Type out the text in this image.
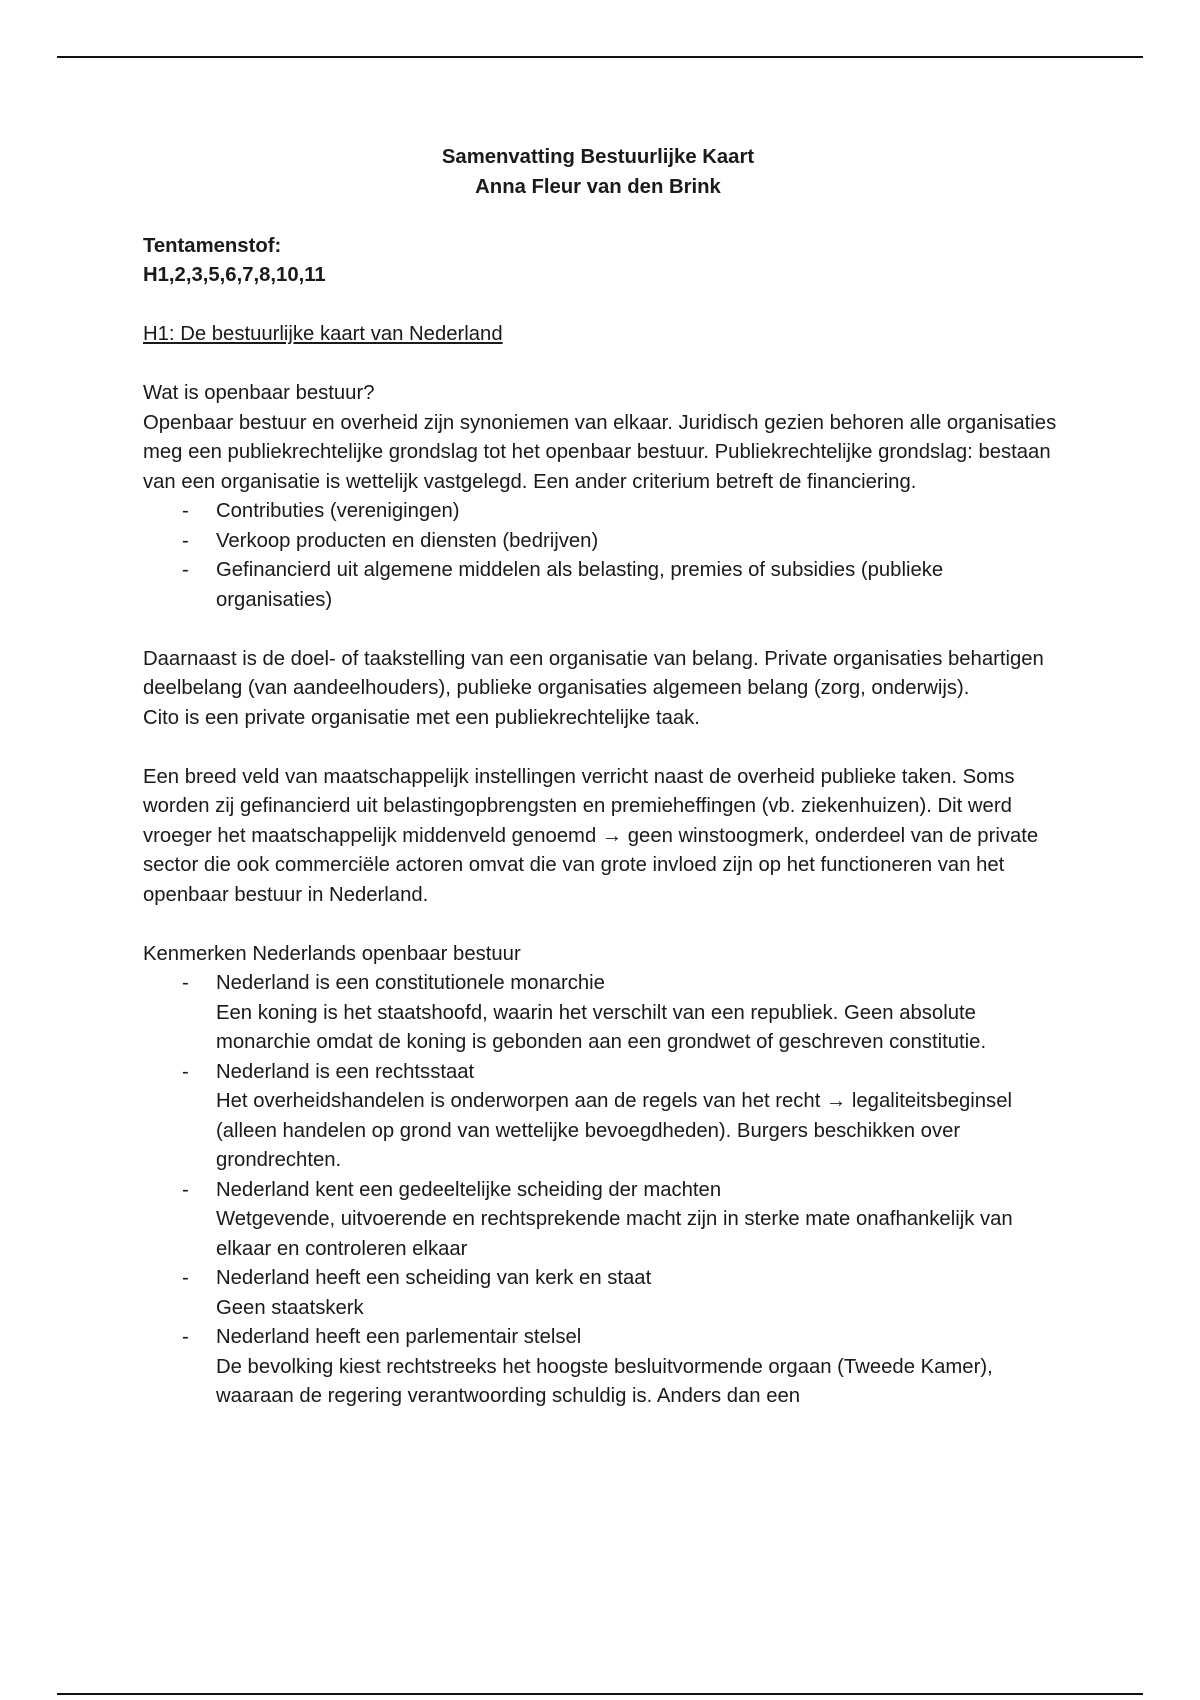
Samenvatting Bestuurlijke Kaart
Anna Fleur van den Brink
Tentamenstof:
H1,2,3,5,6,7,8,10,11
H1: De bestuurlijke kaart van Nederland
Wat is openbaar bestuur?

Openbaar bestuur en overheid zijn synoniemen van elkaar. Juridisch gezien behoren alle organisaties meg een publiekrechtelijke grondslag tot het openbaar bestuur. Publiekrechtelijke grondslag: bestaan van een organisatie is wettelijk vastgelegd. Een ander criterium betreft de financiering.

- Contributies (verenigingen)
- Verkoop producten en diensten (bedrijven)
- Gefinancierd uit algemene middelen als belasting, premies of subsidies (publieke organisaties)

Daarnaast is de doel- of taakstelling van een organisatie van belang. Private organisaties behartigen deelbelang (van aandeelhouders), publieke organisaties algemeen belang (zorg, onderwijs).

Cito is een private organisatie met een publiekrechtelijke taak.

Een breed veld van maatschappelijk instellingen verricht naast de overheid publieke taken. Soms worden zij gefinancierd uit belastingopbrengsten en premieheffingen (vb. ziekenhuizen). Dit werd vroeger het maatschappelijk middenveld genoemd → geen winstoogmerk, onderdeel van de private sector die ook commerciële actoren omvat die van grote invloed zijn op het functioneren van het openbaar bestuur in Nederland.

Kenmerken Nederlands openbaar bestuur
- Nederland is een constitutionele monarchie
Een koning is het staatshoofd, waarin het verschilt van een republiek. Geen absolute monarchie omdat de koning is gebonden aan een grondwet of geschreven constitutie.
- Nederland is een rechtsstaat
Het overheidshandelen is onderworpen aan de regels van het recht → legaliteitsbeginsel (alleen handelen op grond van wettelijke bevoegdheden). Burgers beschikken over grondrechten.
- Nederland kent een gedeeltelijke scheiding der machten
Wetgevende, uitvoerende en rechtsprekende macht zijn in sterke mate onafhankelijk van elkaar en controleren elkaar
- Nederland heeft een scheiding van kerk en staat
Geen staatskerk
- Nederland heeft een parlementair stelsel
De bevolking kiest rechtstreeks het hoogste besluitvormende orgaan (Tweede Kamer), waaraan de regering verantwoording schuldig is. Anders dan een
